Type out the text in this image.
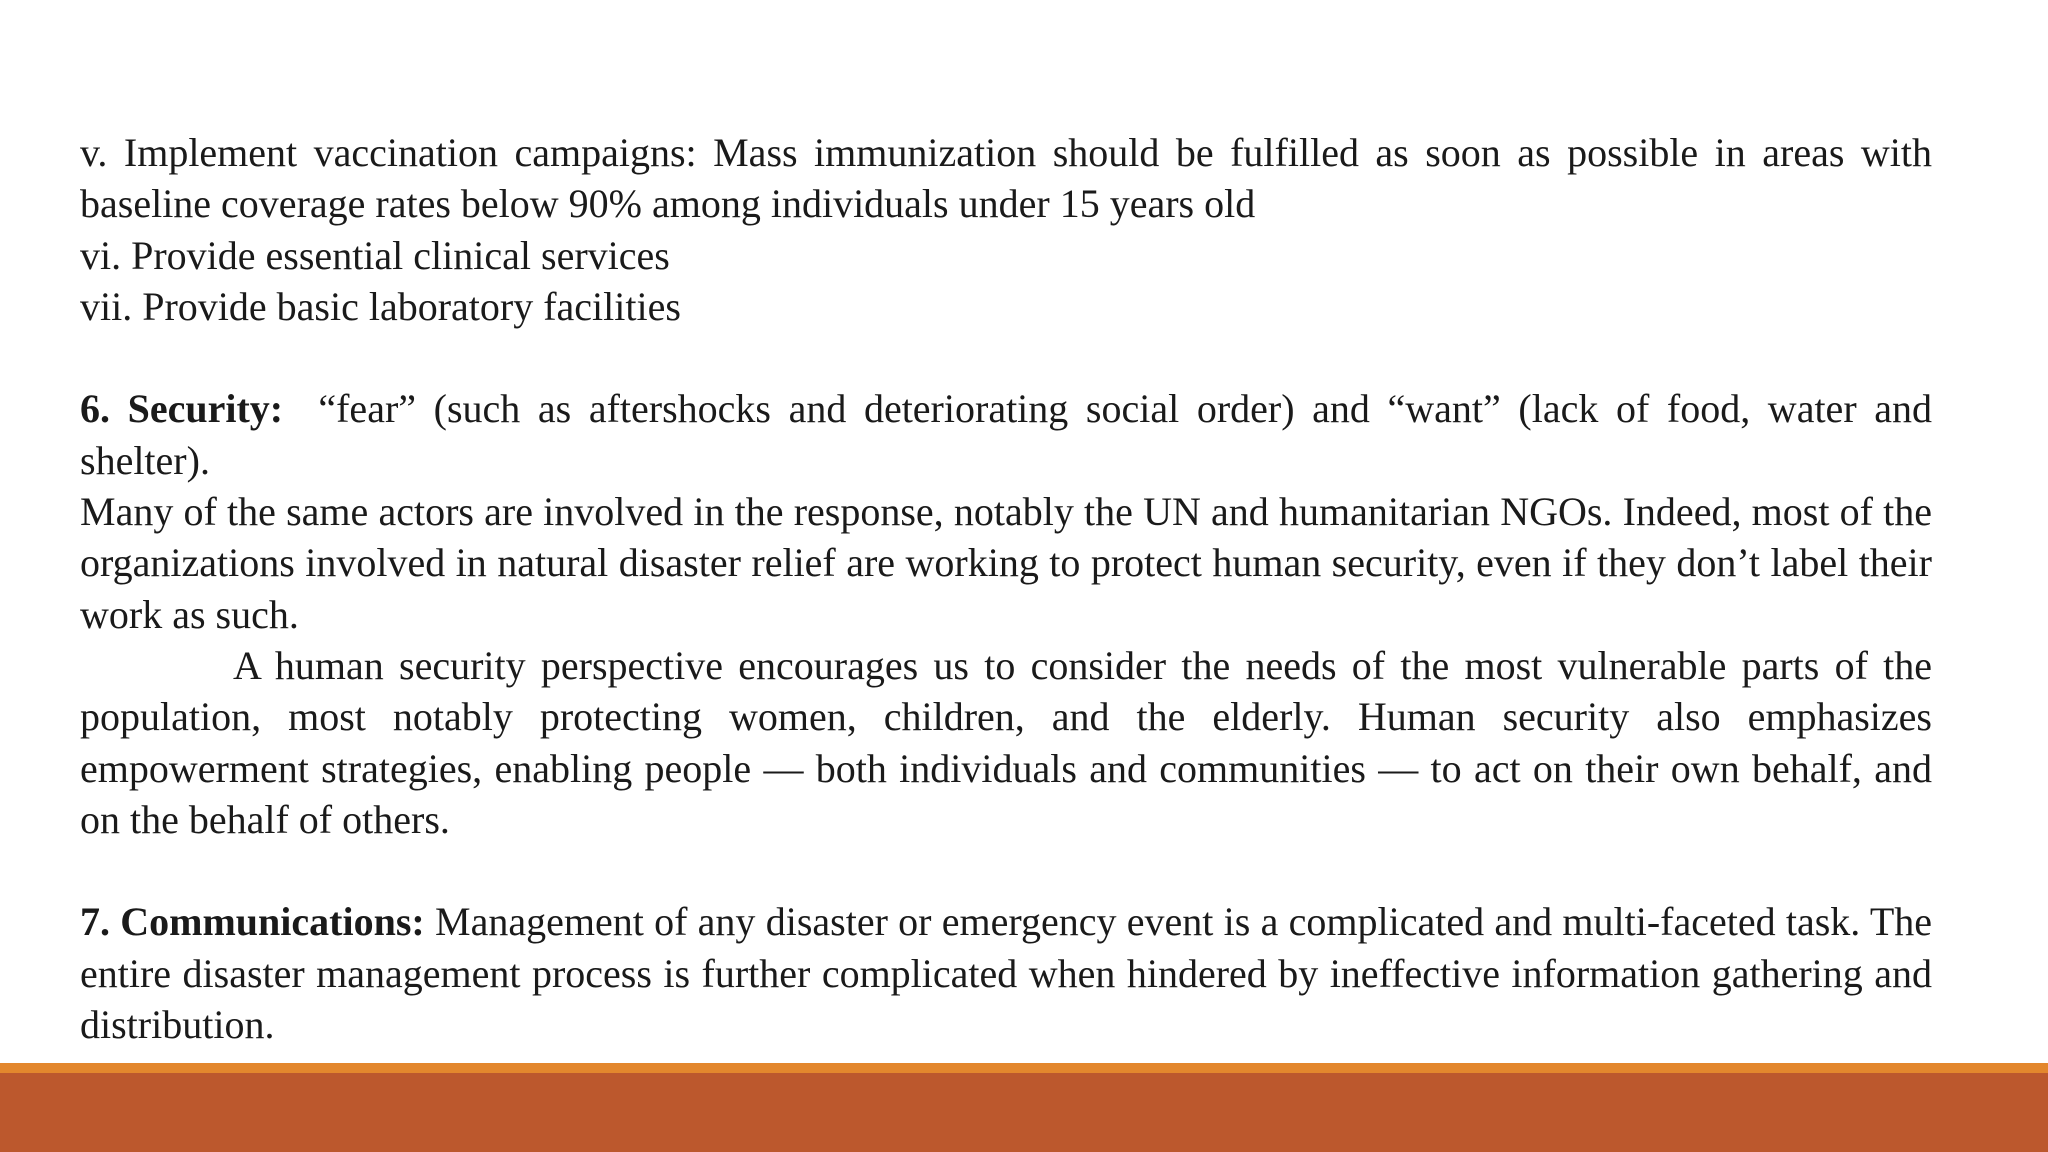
v. Implement vaccination campaigns: Mass immunization should be fulfilled as soon as possible in areas with baseline coverage rates below 90% among individuals under 15 years old

vi. Provide essential clinical services

vii. Provide basic laboratory facilities

6. Security: “fear” (such as aftershocks and deteriorating social order) and “want” (lack of food, water and shelter).

Many of the same actors are involved in the response, notably the UN and humanitarian NGOs. Indeed, most of the organizations involved in natural disaster relief are working to protect human security, even if they don’t label their work as such.

A human security perspective encourages us to consider the needs of the most vulnerable parts of the population, most notably protecting women, children, and the elderly. Human security also emphasizes empowerment strategies, enabling people — both individuals and communities — to act on their own behalf, and on the behalf of others.

7. Communications: Management of any disaster or emergency event is a complicated and multi-faceted task. The entire disaster management process is further complicated when hindered by ineffective information gathering and distribution.
